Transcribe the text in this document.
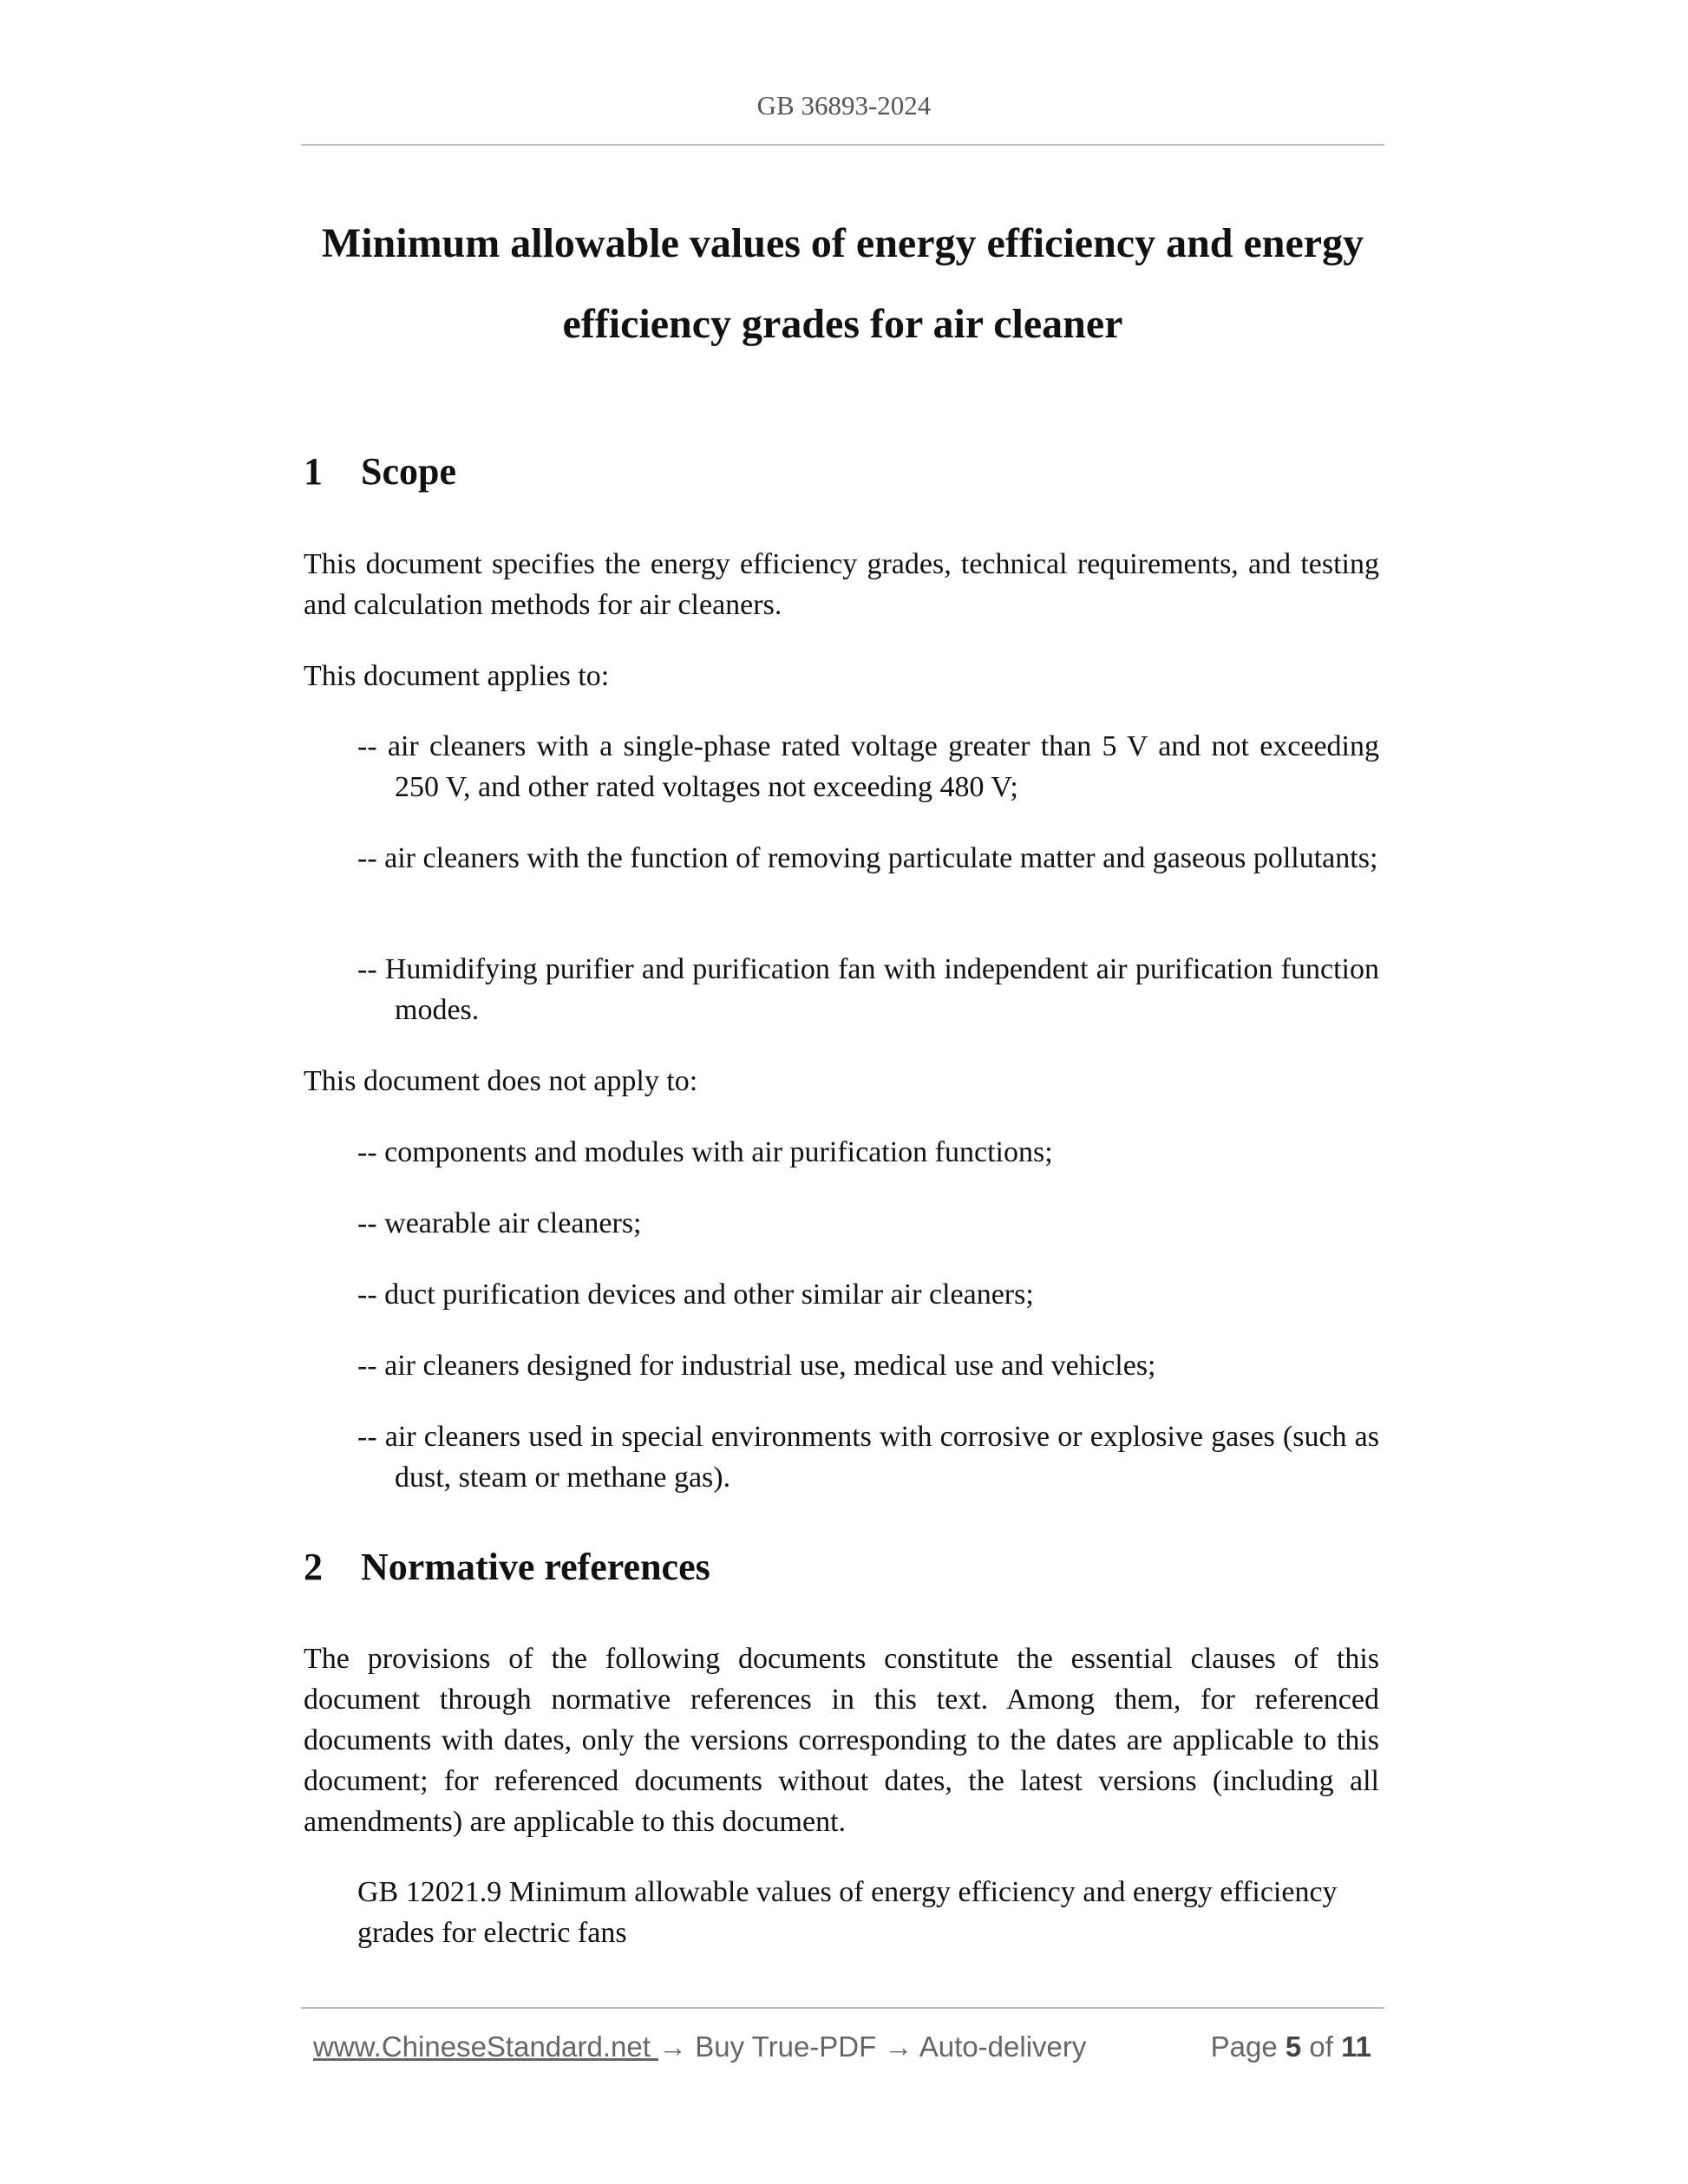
GB 36893-2024
Minimum allowable values of energy efficiency and energy
efficiency grades for air cleaner
1 Scope
This document specifies the energy efficiency grades, technical requirements, and testing and calculation methods for air cleaners.
This document applies to:
-- air cleaners with a single-phase rated voltage greater than 5 V and not exceeding 250 V, and other rated voltages not exceeding 480 V;
-- air cleaners with the function of removing particulate matter and gaseous pollutants;
-- Humidifying purifier and purification fan with independent air purification function modes.
This document does not apply to:
-- components and modules with air purification functions;
-- wearable air cleaners;
-- duct purification devices and other similar air cleaners;
-- air cleaners designed for industrial use, medical use and vehicles;
-- air cleaners used in special environments with corrosive or explosive gases (such as dust, steam or methane gas).
2 Normative references
The provisions of the following documents constitute the essential clauses of this document through normative references in this text. Among them, for referenced documents with dates, only the versions corresponding to the dates are applicable to this document; for referenced documents without dates, the latest versions (including all amendments) are applicable to this document.
GB 12021.9 Minimum allowable values of energy efficiency and energy efficiency grades for electric fans
www.ChineseStandard.net → Buy True-PDF → Auto-delivery	Page 5 of 11
